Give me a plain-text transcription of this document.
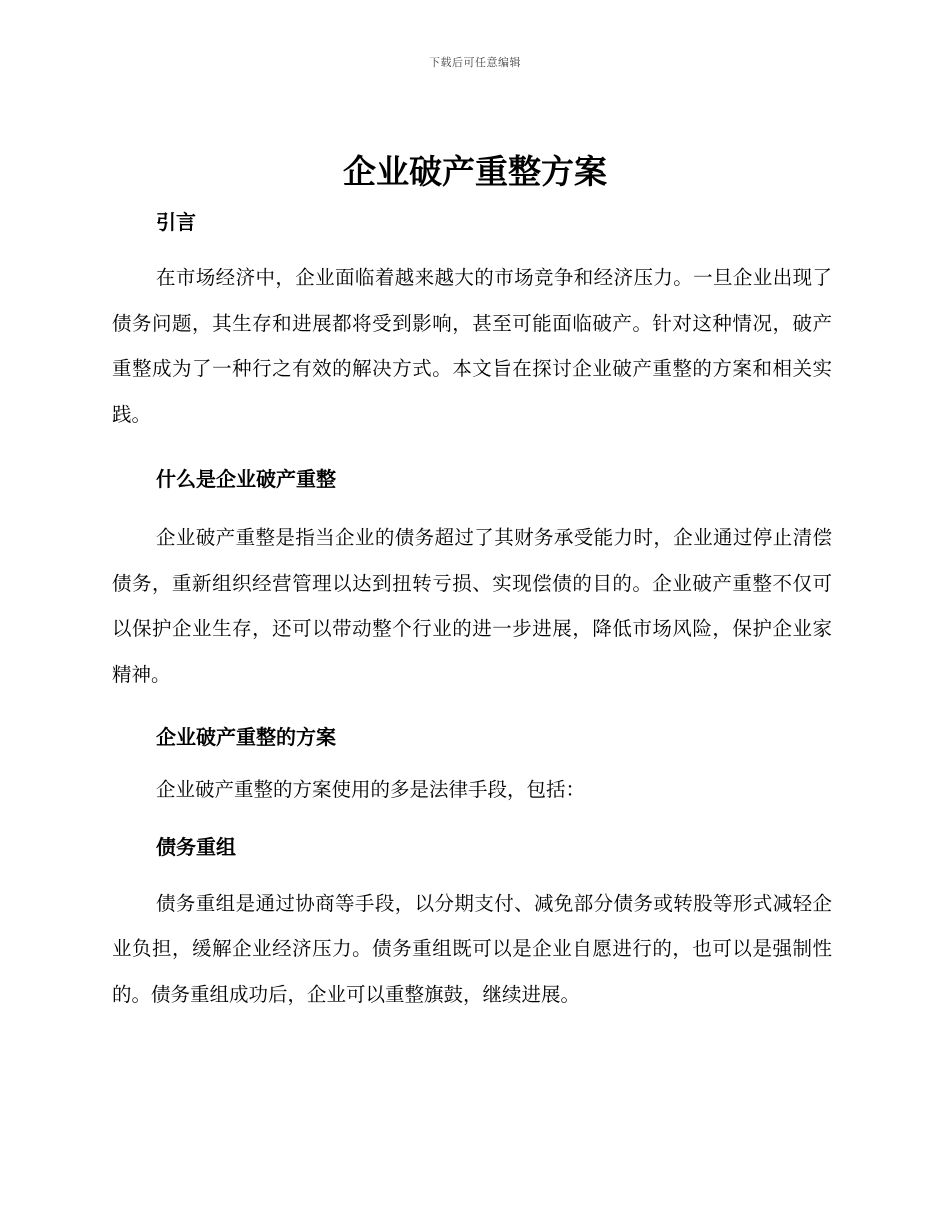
下载后可任意编辑
企业破产重整方案
引言

在市场经济中，企业面临着越来越大的市场竞争和经济压力。一旦企业出现了债务问题，其生存和进展都将受到影响，甚至可能面临破产。针对这种情况，破产重整成为了一种行之有效的解决方式。本文旨在探讨企业破产重整的方案和相关实践。

什么是企业破产重整

企业破产重整是指当企业的债务超过了其财务承受能力时，企业通过停止清偿债务，重新组织经营管理以达到扭转亏损、实现偿债的目的。企业破产重整不仅可以保护企业生存，还可以带动整个行业的进一步进展，降低市场风险，保护企业家精神。

企业破产重整的方案

企业破产重整的方案使用的多是法律手段，包括：

债务重组

债务重组是通过协商等手段，以分期支付、减免部分债务或转股等形式减轻企业负担，缓解企业经济压力。债务重组既可以是企业自愿进行的，也可以是强制性的。债务重组成功后，企业可以重整旗鼓，继续进展。
